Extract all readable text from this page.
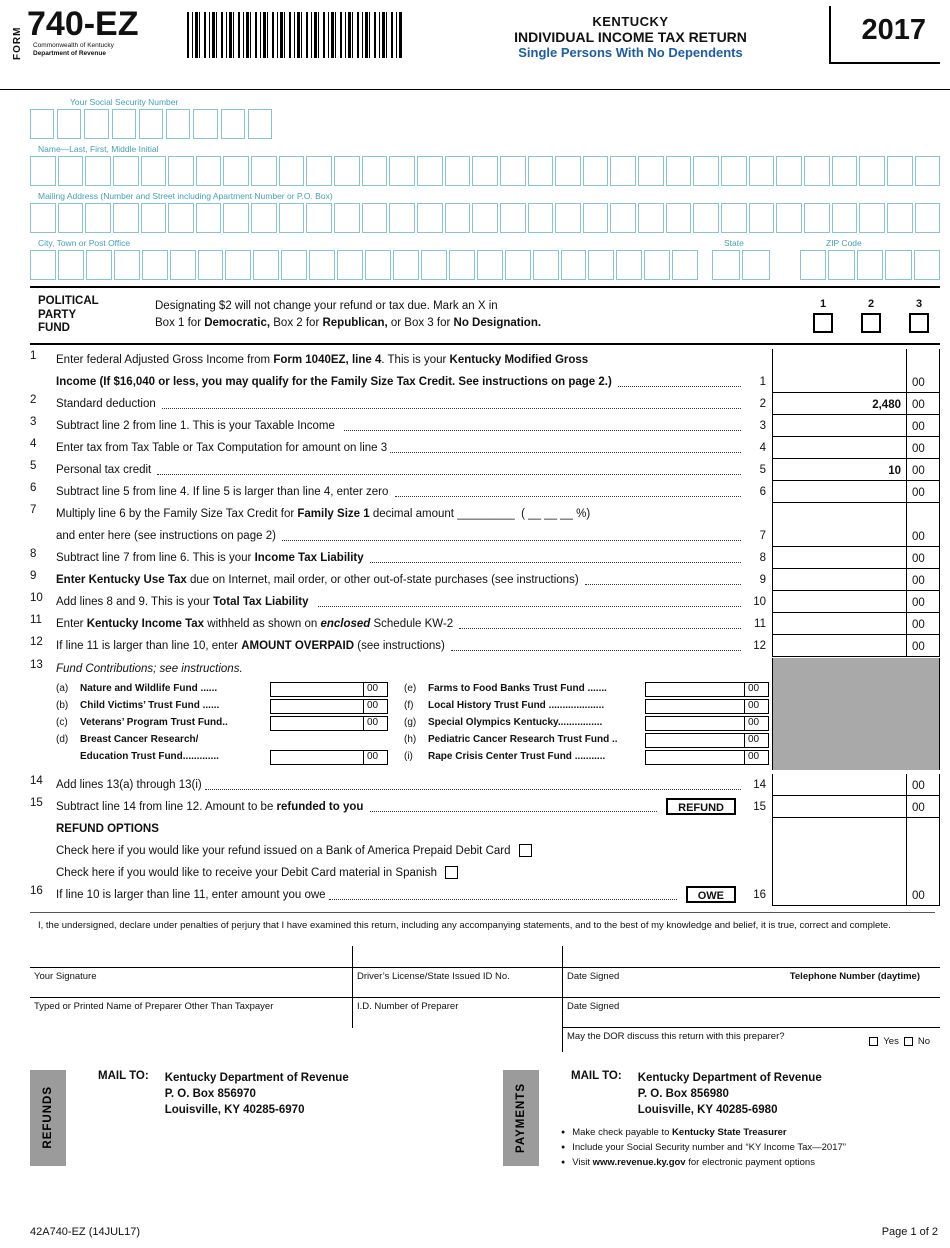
FORM
740-EZ
Commonwealth of Kentucky
Department of Revenue
KENTUCKY
INDIVIDUAL INCOME TAX RETURN
Single Persons With No Dependents
2017
Your Social Security Number
Name—Last, First, Middle Initial
Mailing Address (Number and Street including Apartment Number or P.O. Box)
City, Town or Post Office	State	ZIP Code
POLITICAL
PARTY
FUND
Designating $2 will not change your refund or tax due. Mark an X in
Box 1 for Democratic, Box 2 for Republican, or Box 3 for No Designation.
1	2	3
1	Enter federal Adjusted Gross Income from Form 1040EZ, line 4 . This is your Kentucky Modified Gross
Income (If $16,040 or less, you may qualify for the Family Size Tax Credit. See instructions on page 2.)
	1	00
2	Standard deduction	2	2,480 00
3	Subtract line 2 from line 1. This is your Taxable Income	3	00
4	Enter tax from Tax Table or Tax Computation for amount on line 3	4	00
5	Personal tax credit	5	10 00
6	Subtract line 5 from line 4. If line 5 is larger than line 4, enter zero	6	00
7	Multiply line 6 by the Family Size Tax Credit for Family Size 1 decimal amount _________ ( __ __ __ %)
and enter here (see instructions on page 2)	7	00
8	Subtract line 7 from line 6. This is your Income Tax Liability
	8	00
9	Enter Kentucky Use Tax due on Internet, mail order, or other out-of-state purchases (see instructions)	9	00
10	Add lines 8 and 9. This is your Total Tax Liability
	10	00
11	Enter Kentucky Income Tax withheld as shown on enclosed Schedule KW-2	11	00
12	If line 11 is larger than line 10, enter AMOUNT OVERPAID (see instructions)	12	00
13	Fund Contributions; see instructions.
(a)	Nature and Wildlife Fund ......	00
(b)	Child Victims’ Trust Fund ......	00
(c)	Veterans’ Program Trust Fund..	00
(d)	Breast Cancer Research/
Education Trust Fund.............	00
(e)	Farms to Food Banks Trust Fund .......	00
(f)	Local History Trust Fund ....................	00
(g)	Special Olympics Kentucky................	00
(h)	Pediatric Cancer Research Trust Fund ..	00
(i)	Rape Crisis Center Trust Fund ...........	00
14	Add lines 13(a) through 13(i)	14	00
15	Subtract line 14 from line 12. Amount to be refunded to you
	REFUND	15	00
REFUND OPTIONS
Check here if you would like your refund issued on a Bank of America Prepaid Debit Card
Check here if you would like to receive your Debit Card material in Spanish
16	If line 10 is larger than line 11, enter amount you owe	OWE	16	00
I, the undersigned, declare under penalties of perjury that I have examined this return, including any accompanying statements, and to the best of my knowledge and belief, it is true, correct and complete.
Your Signature	Driver’s License/State Issued ID No.	Date Signed	Telephone Number (daytime)
Typed or Printed Name of Preparer Other Than Taxpayer	I.D. Number of Preparer	Date Signed
May the DOR discuss this return with this preparer?	Yes No
REFUNDS
MAIL TO: Kentucky Department of Revenue
P. O. Box 856970
Louisville, KY 40285-6970	PAYMENTS
MAIL TO: Kentucky Department of Revenue
P. O. Box 856980
Louisville, KY 40285-6980
● Make check payable to Kentucky State Treasurer
● Include your Social Security number and “KY Income Tax—2017”
● Visit www.revenue.ky.gov for electronic payment options
42A740-EZ (14JUL17)	Page 1 of 2
